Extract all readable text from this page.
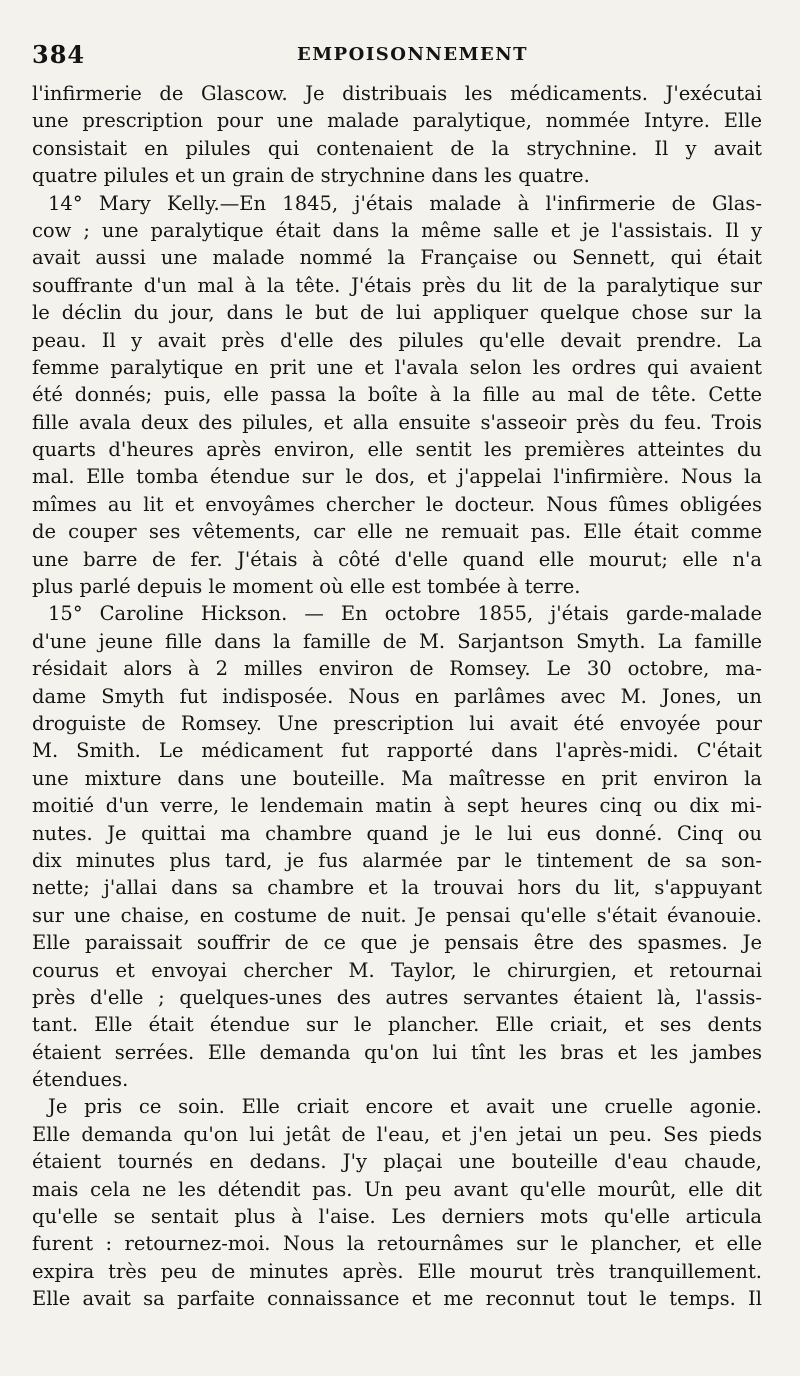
384	EMPOISONNEMENT
l'infirmerie de Glascow. Je distribuais les médicaments. J'exécutai
une prescription pour une malade paralytique, nommée Intyre. Elle
consistait en pilules qui contenaient de la strychnine. Il y avait
quatre pilules et un grain de strychnine dans les quatre.
14° Mary Kelly.—En 1845, j'étais malade à l'infirmerie de Glas-
cow ; une paralytique était dans la même salle et je l'assistais. Il y
avait aussi une malade nommé la Française ou Sennett, qui était
souffrante d'un mal à la tête. J'étais près du lit de la paralytique sur
le déclin du jour, dans le but de lui appliquer quelque chose sur la
peau. Il y avait près d'elle des pilules qu'elle devait prendre. La
femme paralytique en prit une et l'avala selon les ordres qui avaient
été donnés; puis, elle passa la boîte à la fille au mal de tête. Cette
fille avala deux des pilules, et alla ensuite s'asseoir près du feu. Trois
quarts d'heures après environ, elle sentit les premières atteintes du
mal. Elle tomba étendue sur le dos, et j'appelai l'infirmière. Nous la
mîmes au lit et envoyâmes chercher le docteur. Nous fûmes obligées
de couper ses vêtements, car elle ne remuait pas. Elle était comme
une barre de fer. J'étais à côté d'elle quand elle mourut; elle n'a
plus parlé depuis le moment où elle est tombée à terre.
15° Caroline Hickson. — En octobre 1855, j'étais garde-malade
d'une jeune fille dans la famille de M. Sarjantson Smyth. La famille
résidait alors à 2 milles environ de Romsey. Le 30 octobre, ma-
dame Smyth fut indisposée. Nous en parlâmes avec M. Jones, un
droguiste de Romsey. Une prescription lui avait été envoyée pour
M. Smith. Le médicament fut rapporté dans l'après-midi. C'était
une mixture dans une bouteille. Ma maîtresse en prit environ la
moitié d'un verre, le lendemain matin à sept heures cinq ou dix mi-
nutes. Je quittai ma chambre quand je le lui eus donné. Cinq ou
dix minutes plus tard, je fus alarmée par le tintement de sa son-
nette; j'allai dans sa chambre et la trouvai hors du lit, s'appuyant
sur une chaise, en costume de nuit. Je pensai qu'elle s'était évanouie.
Elle paraissait souffrir de ce que je pensais être des spasmes. Je
courus et envoyai chercher M. Taylor, le chirurgien, et retournai
près d'elle ; quelques-unes des autres servantes étaient là, l'assis-
tant. Elle était étendue sur le plancher. Elle criait, et ses dents
étaient serrées. Elle demanda qu'on lui tînt les bras et les jambes
étendues.
Je pris ce soin. Elle criait encore et avait une cruelle agonie.
Elle demanda qu'on lui jetât de l'eau, et j'en jetai un peu. Ses pieds
étaient tournés en dedans. J'y plaçai une bouteille d'eau chaude,
mais cela ne les détendit pas. Un peu avant qu'elle mourût, elle dit
qu'elle se sentait plus à l'aise. Les derniers mots qu'elle articula
furent : retournez-moi. Nous la retournâmes sur le plancher, et elle
expira très peu de minutes après. Elle mourut très tranquillement.
Elle avait sa parfaite connaissance et me reconnut tout le temps. Il
